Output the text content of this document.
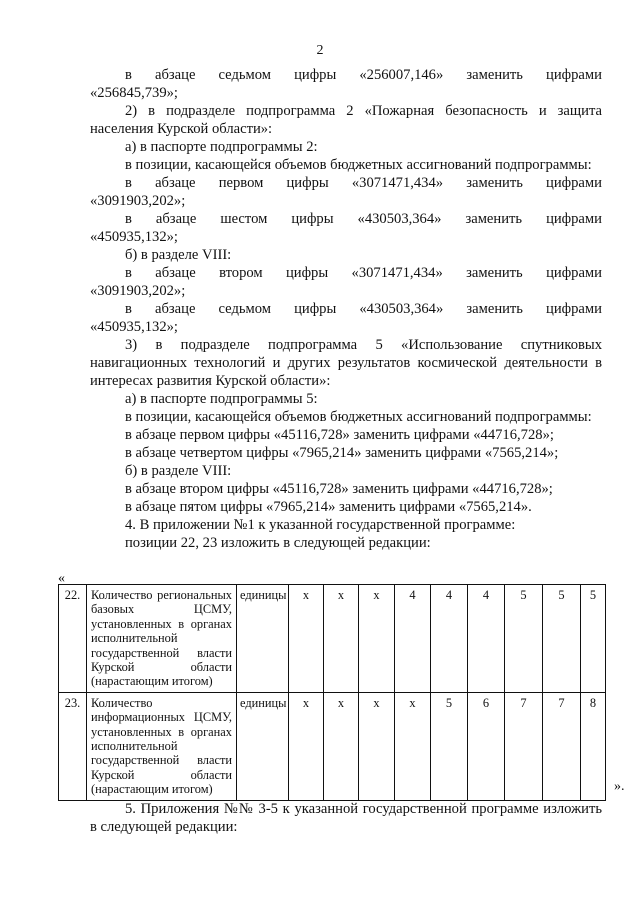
2
в абзаце седьмом цифры «256007,146» заменить цифрами

«256845,739»;

2) в подразделе подпрограмма 2 «Пожарная безопасность и защита населения Курской области»:

а) в паспорте подпрограммы 2:

в позиции, касающейся объемов бюджетных ассигнований подпрограммы:

в абзаце первом цифры «3071471,434» заменить цифрами

«3091903,202»;

в абзаце шестом цифры «430503,364» заменить цифрами

«450935,132»;

б) в разделе VIII:

в абзаце втором цифры «3071471,434» заменить цифрами

«3091903,202»;

в абзаце седьмом цифры «430503,364» заменить цифрами

«450935,132»;

3) в подразделе подпрограмма 5 «Использование спутниковых навигационных технологий и других результатов космической деятельности в интересах развития Курской области»:

а) в паспорте подпрограммы 5:

в позиции, касающейся объемов бюджетных ассигнований подпрограммы:

в абзаце первом цифры «45116,728» заменить цифрами «44716,728»;

в абзаце четвертом цифры «7965,214» заменить цифрами «7565,214»;

б) в разделе VIII:

в абзаце втором цифры «45116,728» заменить цифрами «44716,728»;

в абзаце пятом цифры «7965,214» заменить цифрами «7565,214».

4. В приложении №1 к указанной государственной программе:

позиции 22, 23 изложить в следующей редакции:

«
22.	Количество региональных базовых ЦСМУ, установленных в органах исполнительной государственной власти Курской области (нарастающим итогом)	единицы	x	x	x	4	4	4	5	5	5
23.	Количество информационных ЦСМУ, установленных в органах исполнительной государственной власти Курской области (нарастающим итогом)	единицы	x	x	x	x	5	6	7	7	8
».

5. Приложения №№ 3-5 к указанной государственной программе изложить в следующей редакции:
